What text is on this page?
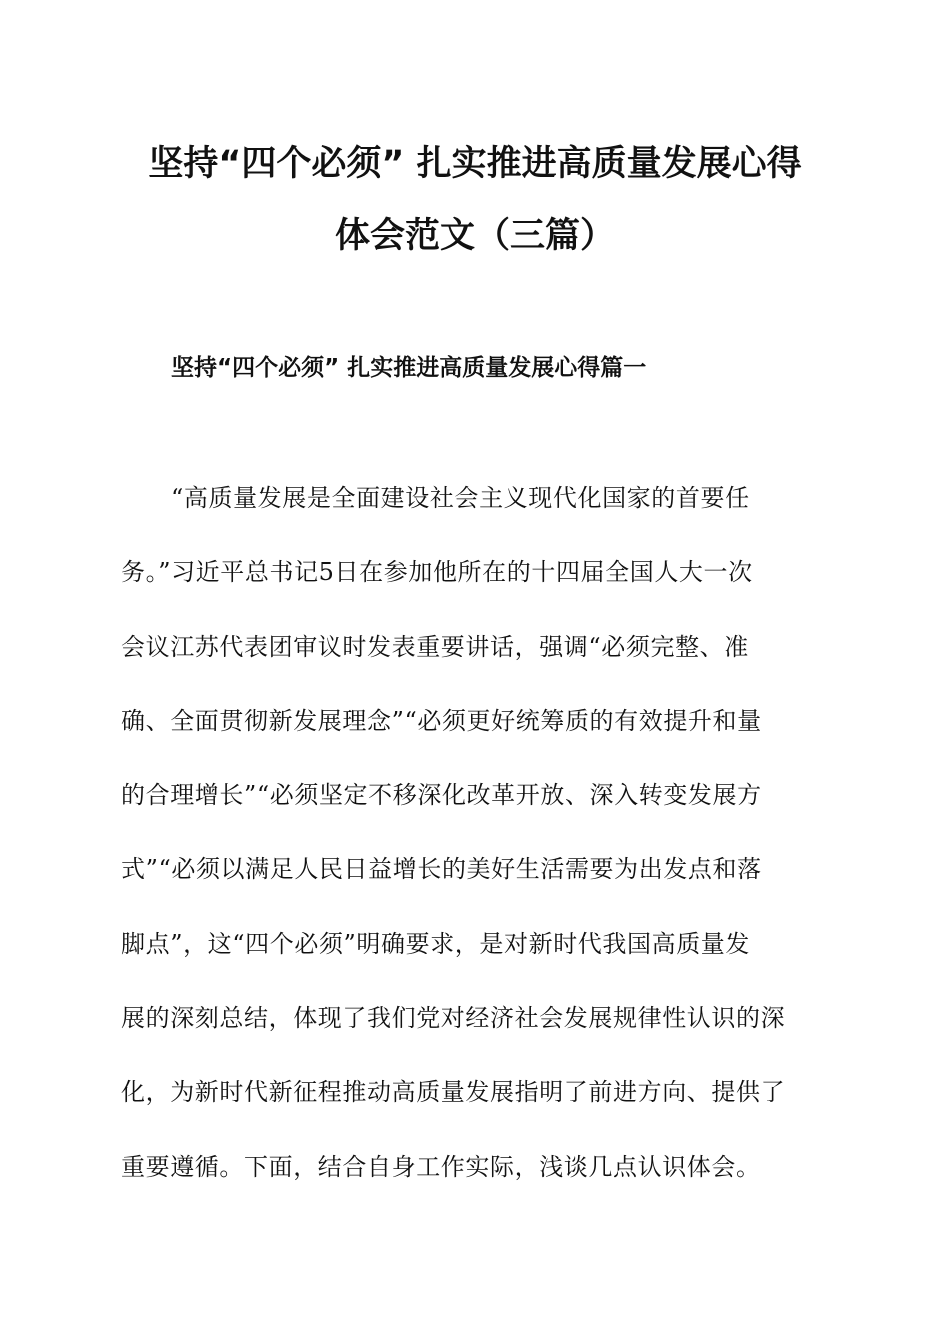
坚持“四个必须” 扎实推进高质量发展心得
体会范文（三篇）
坚持“四个必须” 扎实推进高质量发展心得篇一

“高质量发展是全面建设社会主义现代化国家的首要任
务。”习近平总书记5日在参加他所在的十四届全国人大一次
会议江苏代表团审议时发表重要讲话，强调“必须完整、准
确、全面贯彻新发展理念”“必须更好统筹质的有效提升和量
的合理增长”“必须坚定不移深化改革开放、深入转变发展方
式”“必须以满足人民日益增长的美好生活需要为出发点和落
脚点”，这“四个必须”明确要求，是对新时代我国高质量发
展的深刻总结，体现了我们党对经济社会发展规律性认识的深
化，为新时代新征程推动高质量发展指明了前进方向、提供了
重要遵循。下面，结合自身工作实际，浅谈几点认识体会。
